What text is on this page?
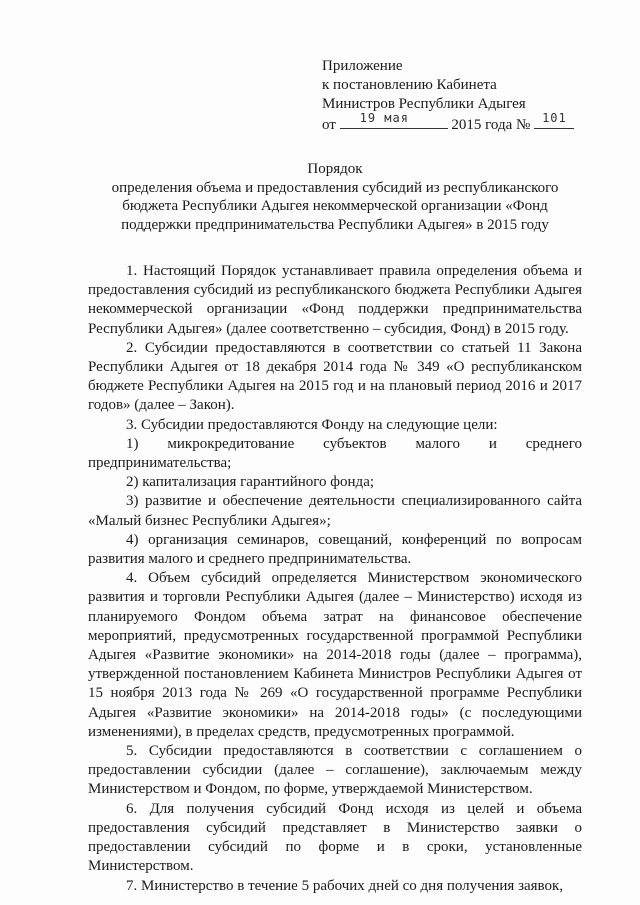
Приложение
к постановлению Кабинета
Министров Республики Адыгея
от 19 мая	2015 года № 101
Порядок
определения объема и предоставления субсидий из республиканского бюджета Республики Адыгея некоммерческой организации «Фонд поддержки предпринимательства Республики Адыгея» в 2015 году

1. Настоящий Порядок устанавливает правила определения объема и предоставления субсидий из республиканского бюджета Республики Адыгея некоммерческой организации «Фонд поддержки предпринимательства Республики Адыгея» (далее соответственно – субсидия, Фонд) в 2015 году.

2. Субсидии предоставляются в соответствии со статьей 11 Закона Республики Адыгея от 18 декабря 2014 года № 349 «О республиканском бюджете Республики Адыгея на 2015 год и на плановый период 2016 и 2017 годов» (далее – Закон).

3. Субсидии предоставляются Фонду на следующие цели:

1) микрокредитование субъектов малого и среднего предпринимательства;

2) капитализация гарантийного фонда;

3) развитие и обеспечение деятельности специализированного сайта «Малый бизнес Республики Адыгея»;

4) организация семинаров, совещаний, конференций по вопросам развития малого и среднего предпринимательства.

4. Объем субсидий определяется Министерством экономического развития и торговли Республики Адыгея (далее – Министерство) исходя из планируемого Фондом объема затрат на финансовое обеспечение мероприятий, предусмотренных государственной программой Республики Адыгея «Развитие экономики» на 2014-2018 годы (далее – программа), утвержденной постановлением Кабинета Министров Республики Адыгея от 15 ноября 2013 года № 269 «О государственной программе Республики Адыгея «Развитие экономики» на 2014-2018 годы» (с последующими изменениями), в пределах средств, предусмотренных программой.

5. Субсидии предоставляются в соответствии с соглашением о предоставлении субсидии (далее – соглашение), заключаемым между Министерством и Фондом, по форме, утверждаемой Министерством.

6. Для получения субсидий Фонд исходя из целей и объема предоставления субсидий представляет в Министерство заявки о предоставлении субсидий по форме и в сроки, установленные Министерством.

7. Министерство в течение 5 рабочих дней со дня получения заявок,
